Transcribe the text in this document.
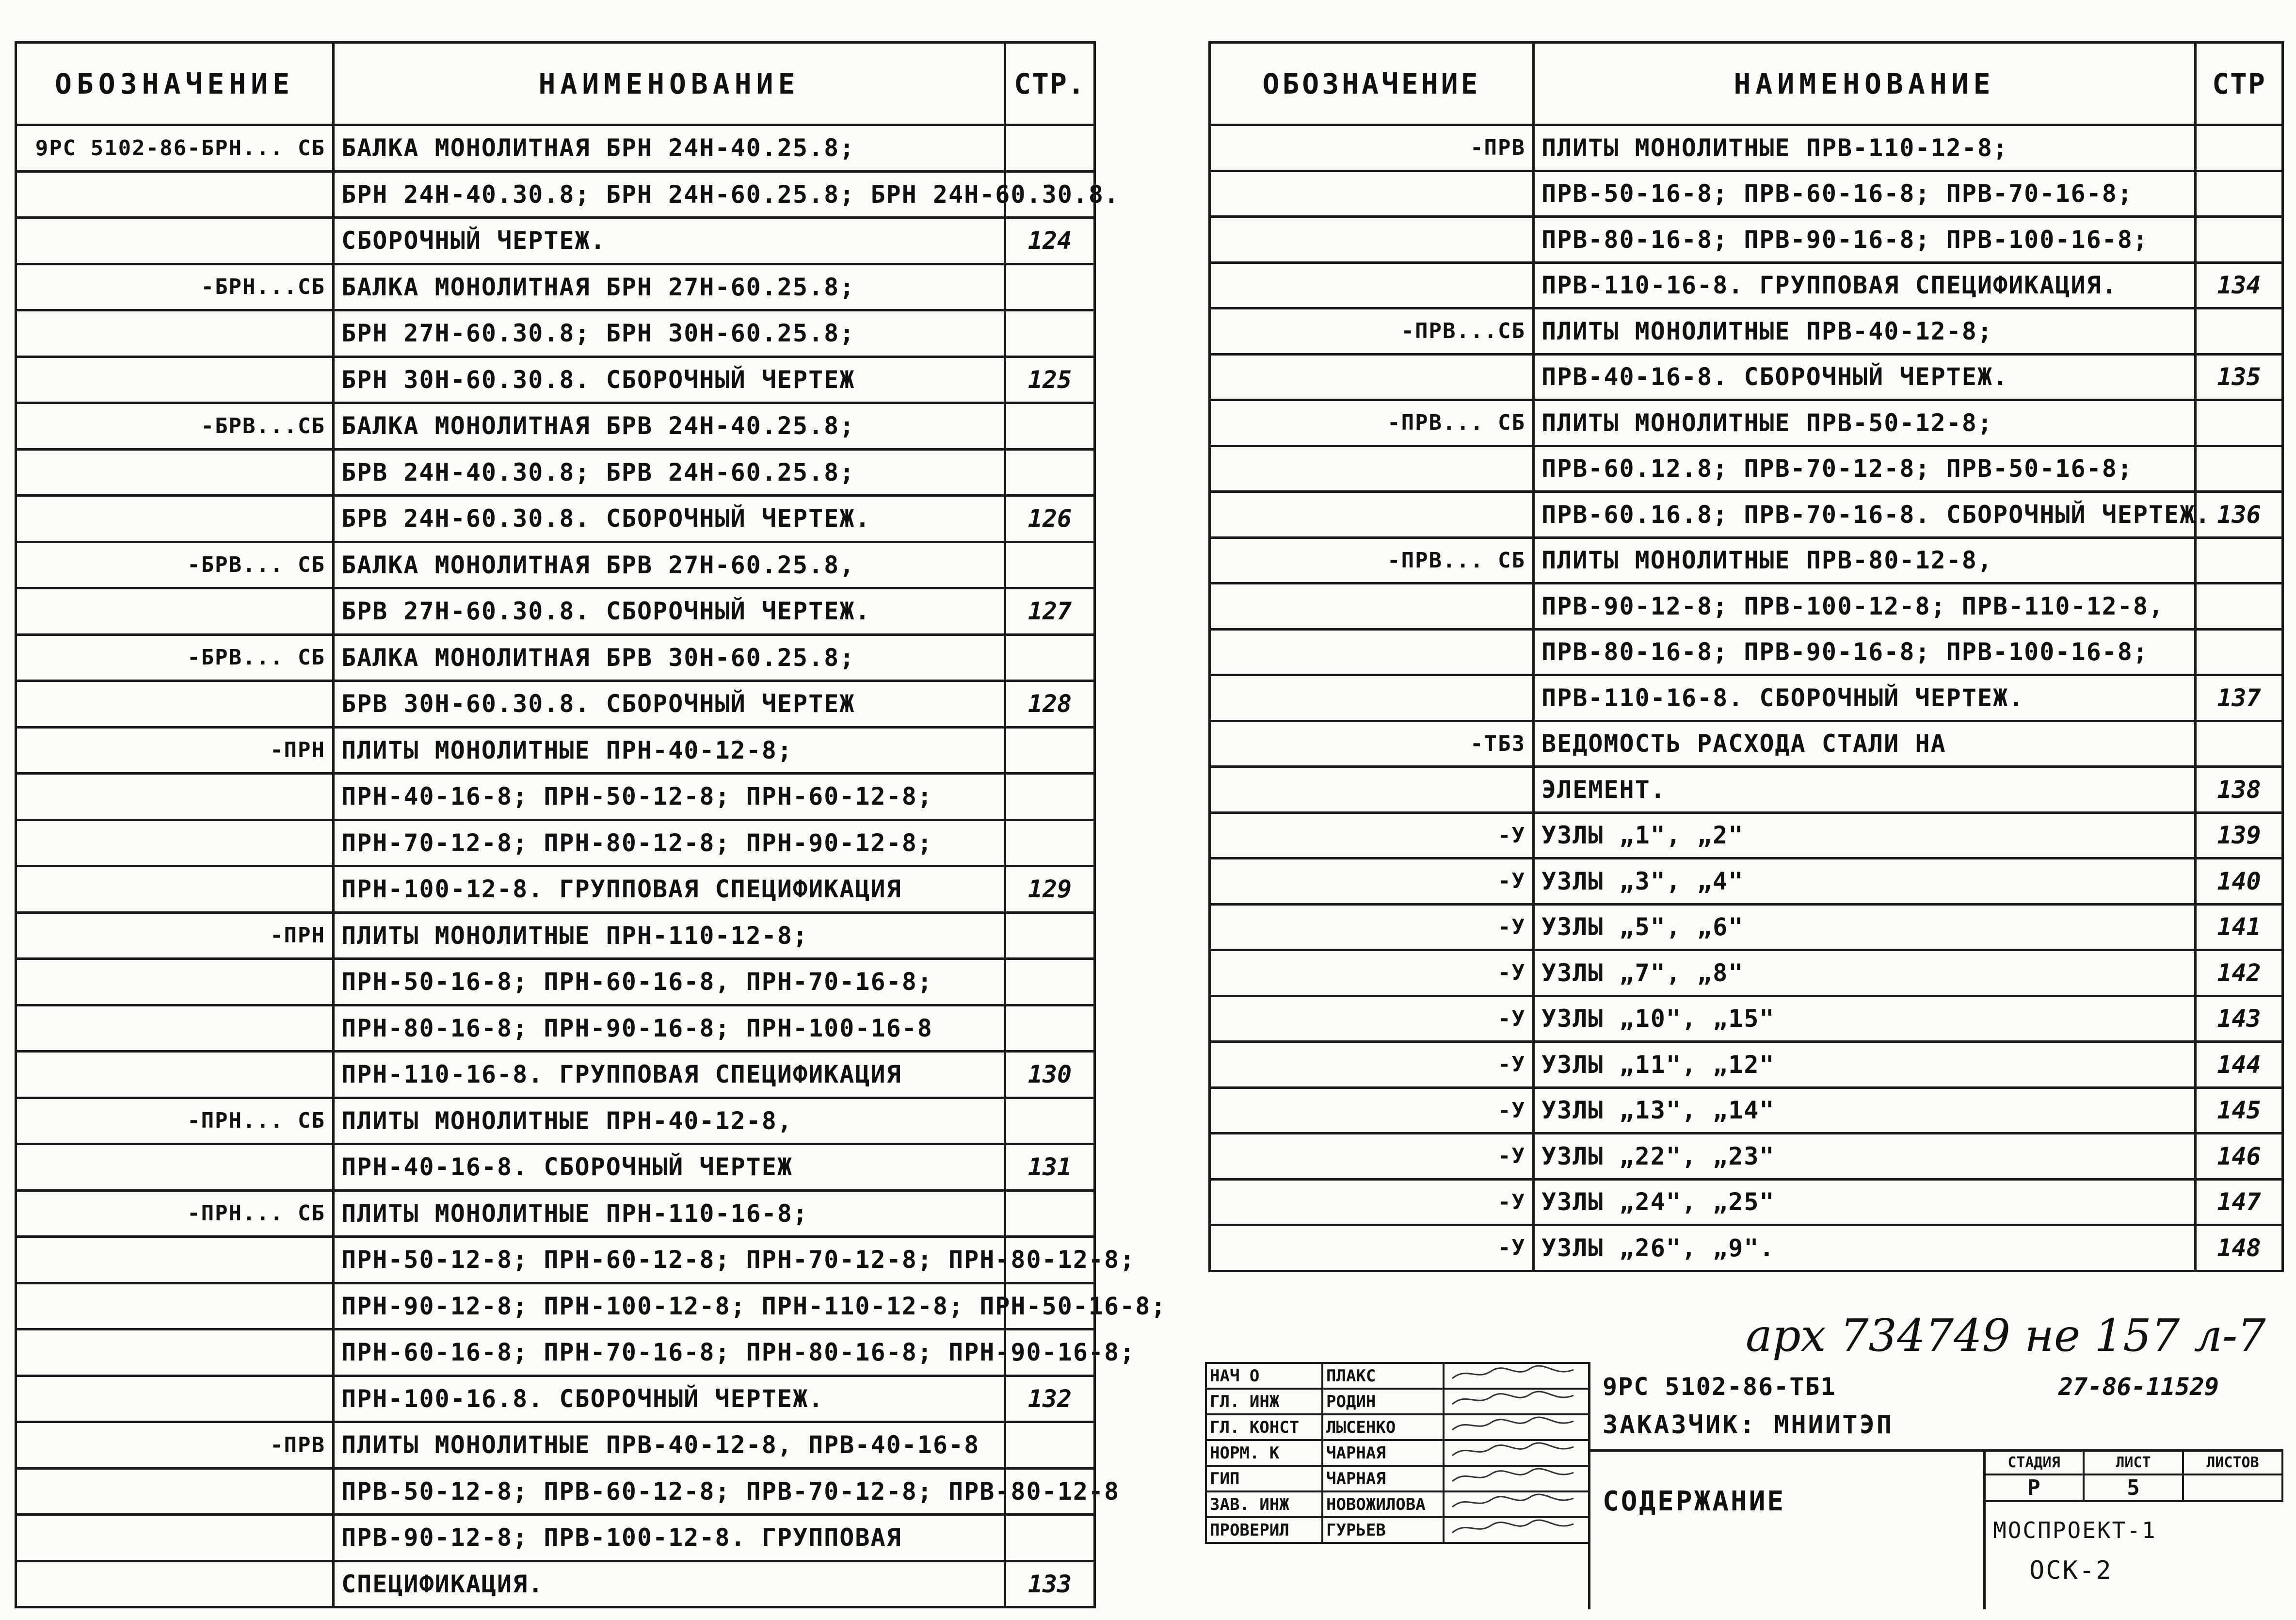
ОБОЗНАЧЕНИЕ	НАИМЕНОВАНИЕ	СТР.
9РС 5102-86-БРН... СБ	БАЛКА МОНОЛИТНАЯ БРН 24Н-40.25.8;	
	БРН 24Н-40.30.8; БРН 24Н-60.25.8; БРН 24Н-60.30.8.	
	СБОРОЧНЫЙ ЧЕРТЕЖ.	124
-БРН...СБ	БАЛКА МОНОЛИТНАЯ БРН 27Н-60.25.8;	
	БРН 27Н-60.30.8; БРН 30Н-60.25.8;	
	БРН 30Н-60.30.8. СБОРОЧНЫЙ ЧЕРТЕЖ	125
-БРВ...СБ	БАЛКА МОНОЛИТНАЯ БРВ 24Н-40.25.8;	
	БРВ 24Н-40.30.8; БРВ 24Н-60.25.8;	
	БРВ 24Н-60.30.8. СБОРОЧНЫЙ ЧЕРТЕЖ.	126
-БРВ... СБ	БАЛКА МОНОЛИТНАЯ БРВ 27Н-60.25.8,	
	БРВ 27Н-60.30.8. СБОРОЧНЫЙ ЧЕРТЕЖ.	127
-БРВ... СБ	БАЛКА МОНОЛИТНАЯ БРВ 30Н-60.25.8;	
	БРВ 30Н-60.30.8. СБОРОЧНЫЙ ЧЕРТЕЖ	128
-ПРН	ПЛИТЫ МОНОЛИТНЫЕ ПРН-40-12-8;	
	ПРН-40-16-8; ПРН-50-12-8; ПРН-60-12-8;	
	ПРН-70-12-8; ПРН-80-12-8; ПРН-90-12-8;	
	ПРН-100-12-8. ГРУППОВАЯ СПЕЦИФИКАЦИЯ	129
-ПРН	ПЛИТЫ МОНОЛИТНЫЕ ПРН-110-12-8;	
	ПРН-50-16-8; ПРН-60-16-8, ПРН-70-16-8;	
	ПРН-80-16-8; ПРН-90-16-8; ПРН-100-16-8	
	ПРН-110-16-8. ГРУППОВАЯ СПЕЦИФИКАЦИЯ	130
-ПРН... СБ	ПЛИТЫ МОНОЛИТНЫЕ ПРН-40-12-8,	
	ПРН-40-16-8. СБОРОЧНЫЙ ЧЕРТЕЖ	131
-ПРН... СБ	ПЛИТЫ МОНОЛИТНЫЕ ПРН-110-16-8;	
	ПРН-50-12-8; ПРН-60-12-8; ПРН-70-12-8; ПРН-80-12-8;	
	ПРН-90-12-8; ПРН-100-12-8; ПРН-110-12-8; ПРН-50-16-8;	
	ПРН-60-16-8; ПРН-70-16-8; ПРН-80-16-8; ПРН-90-16-8;	
	ПРН-100-16.8. СБОРОЧНЫЙ ЧЕРТЕЖ.	132
-ПРВ	ПЛИТЫ МОНОЛИТНЫЕ ПРВ-40-12-8, ПРВ-40-16-8	
	ПРВ-50-12-8; ПРВ-60-12-8; ПРВ-70-12-8; ПРВ-80-12-8	
	ПРВ-90-12-8; ПРВ-100-12-8. ГРУППОВАЯ	
	СПЕЦИФИКАЦИЯ.	133
ОБОЗНАЧЕНИЕ	НАИМЕНОВАНИЕ	СТР
-ПРВ	ПЛИТЫ МОНОЛИТНЫЕ ПРВ-110-12-8;	
	ПРВ-50-16-8; ПРВ-60-16-8; ПРВ-70-16-8;	
	ПРВ-80-16-8; ПРВ-90-16-8; ПРВ-100-16-8;	
	ПРВ-110-16-8. ГРУППОВАЯ СПЕЦИФИКАЦИЯ.	134
-ПРВ...СБ	ПЛИТЫ МОНОЛИТНЫЕ ПРВ-40-12-8;	
	ПРВ-40-16-8. СБОРОЧНЫЙ ЧЕРТЕЖ.	135
-ПРВ... СБ	ПЛИТЫ МОНОЛИТНЫЕ ПРВ-50-12-8;	
	ПРВ-60.12.8; ПРВ-70-12-8; ПРВ-50-16-8;	
	ПРВ-60.16.8; ПРВ-70-16-8. СБОРОЧНЫЙ ЧЕРТЕЖ.	136
-ПРВ... СБ	ПЛИТЫ МОНОЛИТНЫЕ ПРВ-80-12-8,	
	ПРВ-90-12-8; ПРВ-100-12-8; ПРВ-110-12-8,	
	ПРВ-80-16-8; ПРВ-90-16-8; ПРВ-100-16-8;	
	ПРВ-110-16-8. СБОРОЧНЫЙ ЧЕРТЕЖ.	137
-ТБ3	ВЕДОМОСТЬ РАСХОДА СТАЛИ НА	
	ЭЛЕМЕНТ.	138
-У	УЗЛЫ „1", „2"	139
-У	УЗЛЫ „3", „4"	140
-У	УЗЛЫ „5", „6"	141
-У	УЗЛЫ „7", „8"	142
-У	УЗЛЫ „10", „15"	143
-У	УЗЛЫ „11", „12"	144
-У	УЗЛЫ „13", „14"	145
-У	УЗЛЫ „22", „23"	146
-У	УЗЛЫ „24", „25"	147
-У	УЗЛЫ „26", „9".	148
арх 734749 не 157 л-7
НАЧ О	ПЛАКС	
ГЛ. ИНЖ	РОДИН	
ГЛ. КОНСТ	ЛЫСЕНКО	
НОРМ. К	ЧАРНАЯ	
ГИП	ЧАРНАЯ	
ЗАВ. ИНЖ	НОВОЖИЛОВА	
ПРОВЕРИЛ	ГУРЬЕВ	
9РС 5102-86-ТБ1	27-86-11529
ЗАКАЗЧИК: МНИИТЭП
СОДЕРЖАНИЕ
СТАДИЯ	ЛИСТ	ЛИСТОВ
Р	5	
МОСПРОЕКТ-1
ОСК-2
